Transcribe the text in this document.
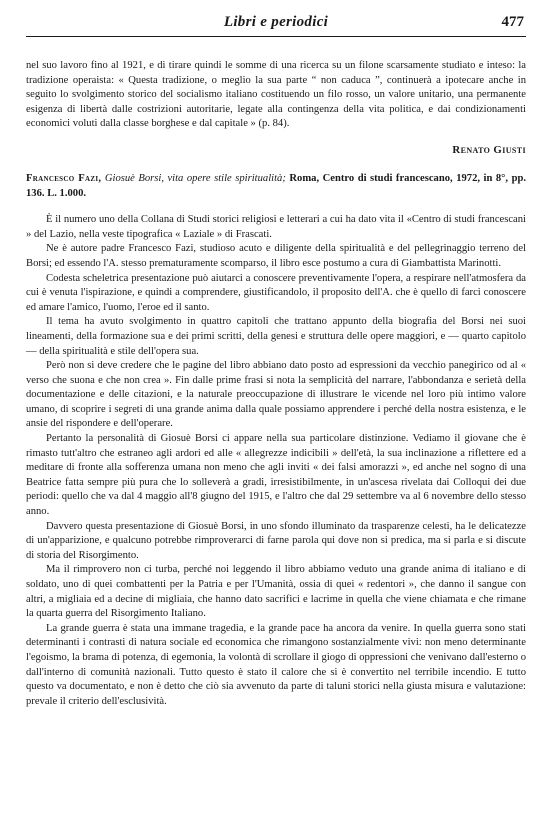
Libri e periodici	477

nel suo lavoro fino al 1921, e di tirare quindi le somme di una ricerca su un filone scarsamente studiato e inteso: la tradizione operaista: « Questa tradizione, o meglio la sua parte “ non caduca ”, continuerà a ipotecare anche in seguito lo svolgimento storico del socialismo italiano costituendo un filo rosso, un valore unitario, una permanente esigenza di libertà dalle costrizioni autoritarie, legate alla contingenza della vita politica, e dai condizionamenti economici voluti dalla classe borghese e dal capitale » (p. 84).

Renato Giusti

Francesco Fazi, Giosuè Borsi, vita opere stile spiritualità; Roma, Centro di studi francescano, 1972, in 8°, pp. 136. L. 1.000.

È il numero uno della Collana di Studi storici religiosi e letterari a cui ha dato vita il «Centro di studi francescani » del Lazio, nella veste tipografica « Laziale » di Frascati.

Ne è autore padre Francesco Fazi, studioso acuto e diligente della spiritualità e del pellegrinaggio terreno del Borsi; ed essendo l'A. stesso prematuramente scomparso, il libro esce postumo a cura di Giambattista Marinotti.

Codesta scheletrica presentazione può aiutarci a conoscere preventivamente l'opera, a respirare nell'atmosfera da cui è venuta l'ispirazione, e quindi a comprendere, giustificandolo, il proposito dell'A. che è quello di farci conoscere ed amare l'amico, l'uomo, l'eroe ed il santo.

Il tema ha avuto svolgimento in quattro capitoli che trattano appunto della biografia del Borsi nei suoi lineamenti, della formazione sua e dei primi scritti, della genesi e struttura delle opere maggiori, e — quarto capitolo — della spiritualità e stile dell'opera sua.

Però non si deve credere che le pagine del libro abbiano dato posto ad espressioni da vecchio panegirico od al « verso che suona e che non crea ». Fin dalle prime frasi si nota la semplicità del narrare, l'abbondanza e serietà della documentazione e delle citazioni, e la naturale preoccupazione di illustrare le vicende nel loro più intimo valore umano, di scoprire i segreti di una grande anima dalla quale possiamo apprendere i perché della nostra esistenza, e le ansie del rispondere e dell'operare.

Pertanto la personalità di Giosuè Borsi ci appare nella sua particolare distinzione. Vediamo il giovane che è rimasto tutt'altro che estraneo agli ardori ed alle « allegrezze indicibili » dell'età, la sua inclinazione a riflettere ed a meditare di fronte alla sofferenza umana non meno che agli inviti « dei falsi amorazzi », ed anche nel sogno di una Beatrice fatta sempre più pura che lo solleverà a gradi, irresistibilmente, in un'ascesa rivelata dai Colloqui dei due periodi: quello che va dal 4 maggio all'8 giugno del 1915, e l'altro che dal 29 settembre va al 6 novembre dello stesso anno.

Davvero questa presentazione di Giosuè Borsi, in uno sfondo illuminato da trasparenze celesti, ha le delicatezze di un'apparizione, e qualcuno potrebbe rimproverarci di farne parola qui dove non si predica, ma si parla e si discute di storia del Risorgimento.

Ma il rimprovero non ci turba, perché noi leggendo il libro abbiamo veduto una grande anima di italiano e di soldato, uno di quei combattenti per la Patria e per l'Umanità, ossia di quei « redentori », che danno il sangue con altri, a migliaia ed a decine di migliaia, che hanno dato sacrifici e lacrime in quella che viene chiamata e che rimane la quarta guerra del Risorgimento Italiano.

La grande guerra è stata una immane tragedia, e la grande pace ha ancora da venire. In quella guerra sono stati determinanti i contrasti di natura sociale ed economica che rimangono sostanzialmente vivi: non meno determinante l'egoismo, la brama di potenza, di egemonia, la volontà di scrollare il giogo di oppressioni che venivano dall'esterno o dall'interno di comunità nazionali. Tutto questo è stato il calore che si è convertito nel terribile incendio. E tutto questo va documentato, e non è detto che ciò sia avvenuto da parte di taluni storici nella giusta misura e valutazione: prevale il criterio dell'esclusività.
